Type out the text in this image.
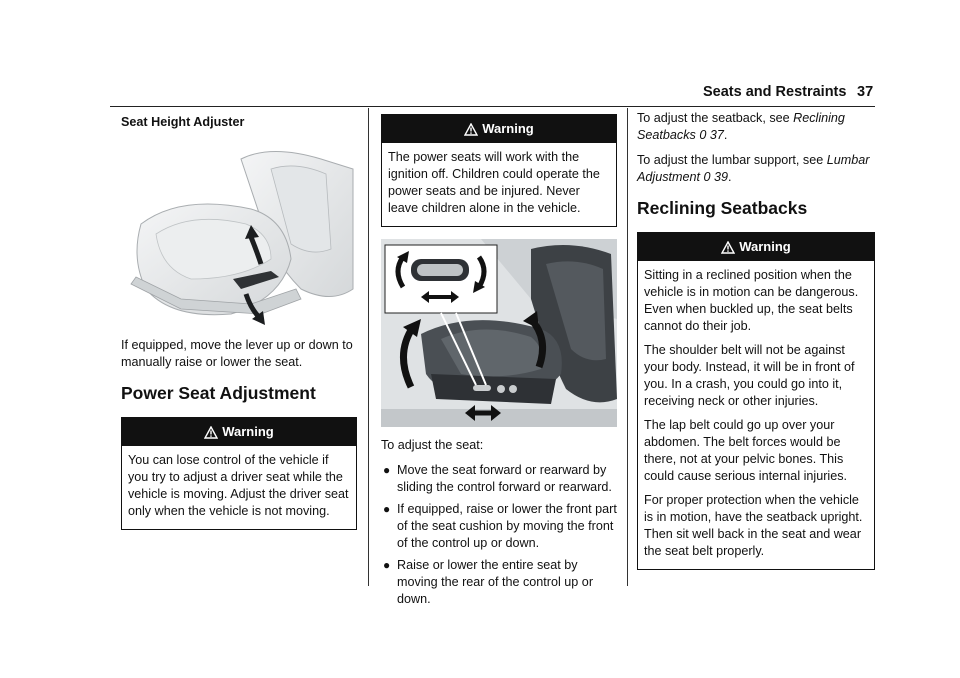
Seats and Restraints 37

Seat Height Adjuster

If equipped, move the lever up or down to manually raise or lower the seat.

Power Seat Adjustment
Warning

You can lose control of the vehicle if you try to adjust a driver seat while the vehicle is moving. Adjust the driver seat only when the vehicle is not moving.

Warning

The power seats will work with the ignition off. Children could operate the power seats and be injured. Never leave children alone in the vehicle.

To adjust the seat:

● Move the seat forward or rearward by sliding the control forward or rearward.
● If equipped, raise or lower the front part of the seat cushion by moving the front of the control up or down.
● Raise or lower the entire seat by moving the rear of the control up or down.

To adjust the seatback, see Reclining Seatbacks 0 37.

To adjust the lumbar support, see Lumbar Adjustment 0 39.

Reclining Seatbacks
Warning

Sitting in a reclined position when the vehicle is in motion can be dangerous. Even when buckled up, the seat belts cannot do their job.

The shoulder belt will not be against your body. Instead, it will be in front of you. In a crash, you could go into it, receiving neck or other injuries.

The lap belt could go up over your abdomen. The belt forces would be there, not at your pelvic bones. This could cause serious internal injuries.

For proper protection when the vehicle is in motion, have the seatback upright. Then sit well back in the seat and wear the seat belt properly.
